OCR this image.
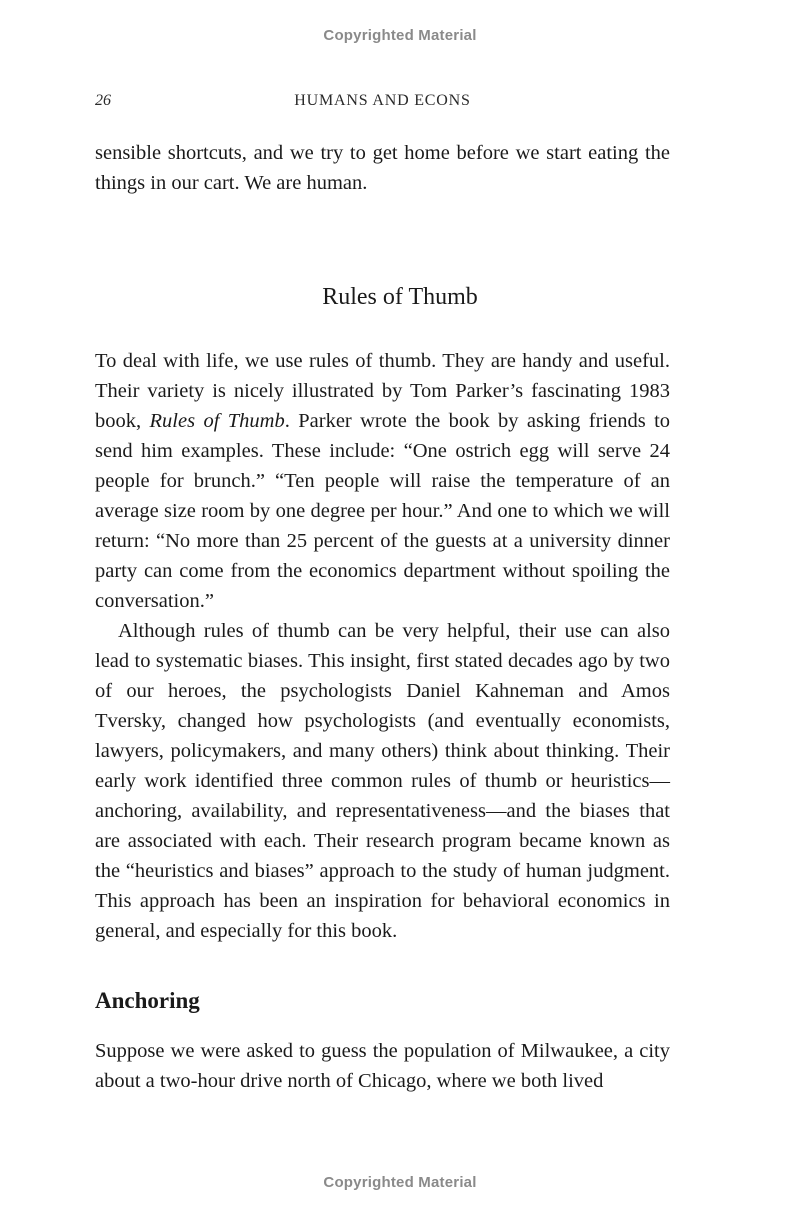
Copyrighted Material
26	HUMANS AND ECONS

sensible shortcuts, and we try to get home before we start eating the things in our cart. We are human.

Rules of Thumb

To deal with life, we use rules of thumb. They are handy and useful. Their variety is nicely illustrated by Tom Parker’s fascinating 1983 book, Rules of Thumb. Parker wrote the book by asking friends to send him examples. These include: “One ostrich egg will serve 24 people for brunch.” “Ten people will raise the temperature of an average size room by one degree per hour.” And one to which we will return: “No more than 25 percent of the guests at a university dinner party can come from the economics department without spoiling the conversation.”

Although rules of thumb can be very helpful, their use can also lead to systematic biases. This insight, first stated decades ago by two of our heroes, the psychologists Daniel Kahneman and Amos Tversky, changed how psychologists (and eventually economists, lawyers, policymakers, and many others) think about thinking. Their early work identified three common rules of thumb or heuristics—anchoring, availability, and representativeness—and the biases that are associated with each. Their research program became known as the “heuristics and biases” approach to the study of human judgment. This approach has been an inspiration for behavioral economics in general, and especially for this book.

Anchoring

Suppose we were asked to guess the population of Milwaukee, a city about a two-hour drive north of Chicago, where we both lived

Copyrighted Material
